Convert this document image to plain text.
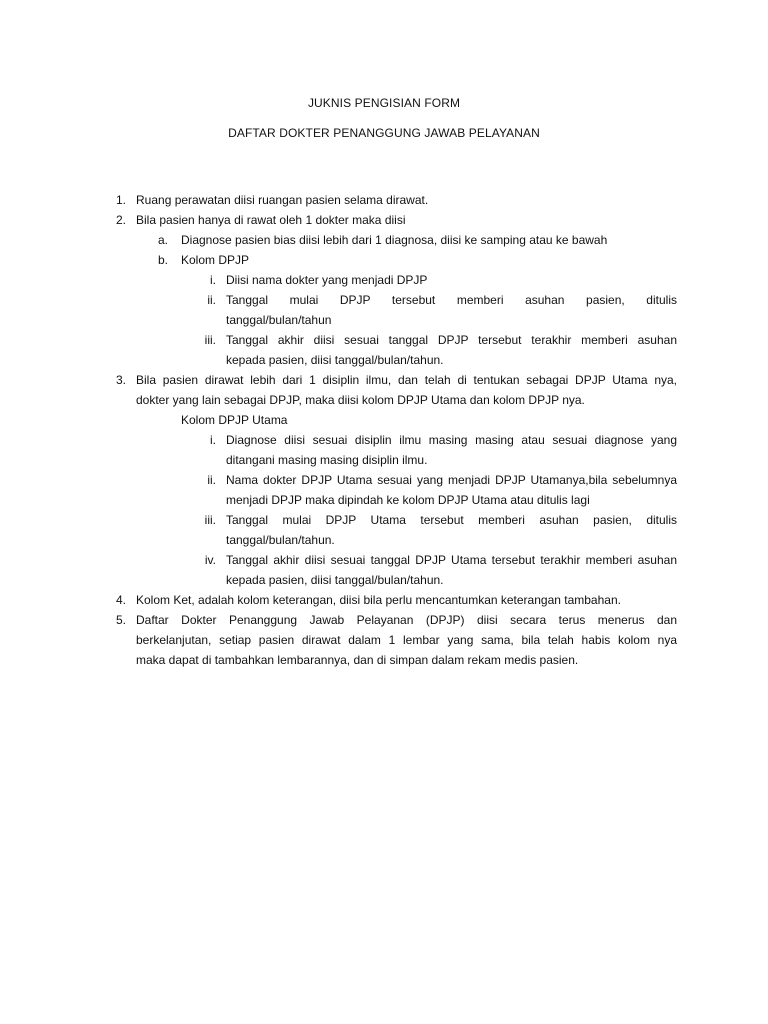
JUKNIS PENGISIAN FORM
DAFTAR DOKTER PENANGGUNG JAWAB PELAYANAN
1. Ruang perawatan diisi ruangan pasien selama dirawat.
2. Bila pasien hanya di rawat oleh 1 dokter maka diisi
a. Diagnose pasien bias diisi lebih dari 1 diagnosa, diisi ke samping atau ke bawah
b. Kolom DPJP
i. Diisi nama dokter yang menjadi DPJP
ii. Tanggal mulai DPJP tersebut memberi asuhan pasien, ditulis
tanggal/bulan/tahun
iii. Tanggal akhir diisi sesuai tanggal DPJP tersebut terakhir memberi asuhan
kepada pasien, diisi tanggal/bulan/tahun.
3. Bila pasien dirawat lebih dari 1 disiplin ilmu, dan telah di tentukan sebagai DPJP Utama nya,
dokter yang lain sebagai DPJP, maka diisi kolom DPJP Utama dan kolom DPJP nya.
Kolom DPJP Utama
i. Diagnose diisi sesuai disiplin ilmu masing masing atau sesuai diagnose yang
ditangani masing masing disiplin ilmu.
ii. Nama dokter DPJP Utama sesuai yang menjadi DPJP Utamanya,bila sebelumnya
menjadi DPJP maka dipindah ke kolom DPJP Utama atau ditulis lagi
iii. Tanggal mulai DPJP Utama tersebut memberi asuhan pasien, ditulis
tanggal/bulan/tahun.
iv. Tanggal akhir diisi sesuai tanggal DPJP Utama tersebut terakhir memberi asuhan
kepada pasien, diisi tanggal/bulan/tahun.
4. Kolom Ket, adalah kolom keterangan, diisi bila perlu mencantumkan keterangan tambahan.
5. Daftar Dokter Penanggung Jawab Pelayanan (DPJP) diisi secara terus menerus dan
berkelanjutan, setiap pasien dirawat dalam 1 lembar yang sama, bila telah habis kolom nya
maka dapat di tambahkan lembarannya, dan di simpan dalam rekam medis pasien.
